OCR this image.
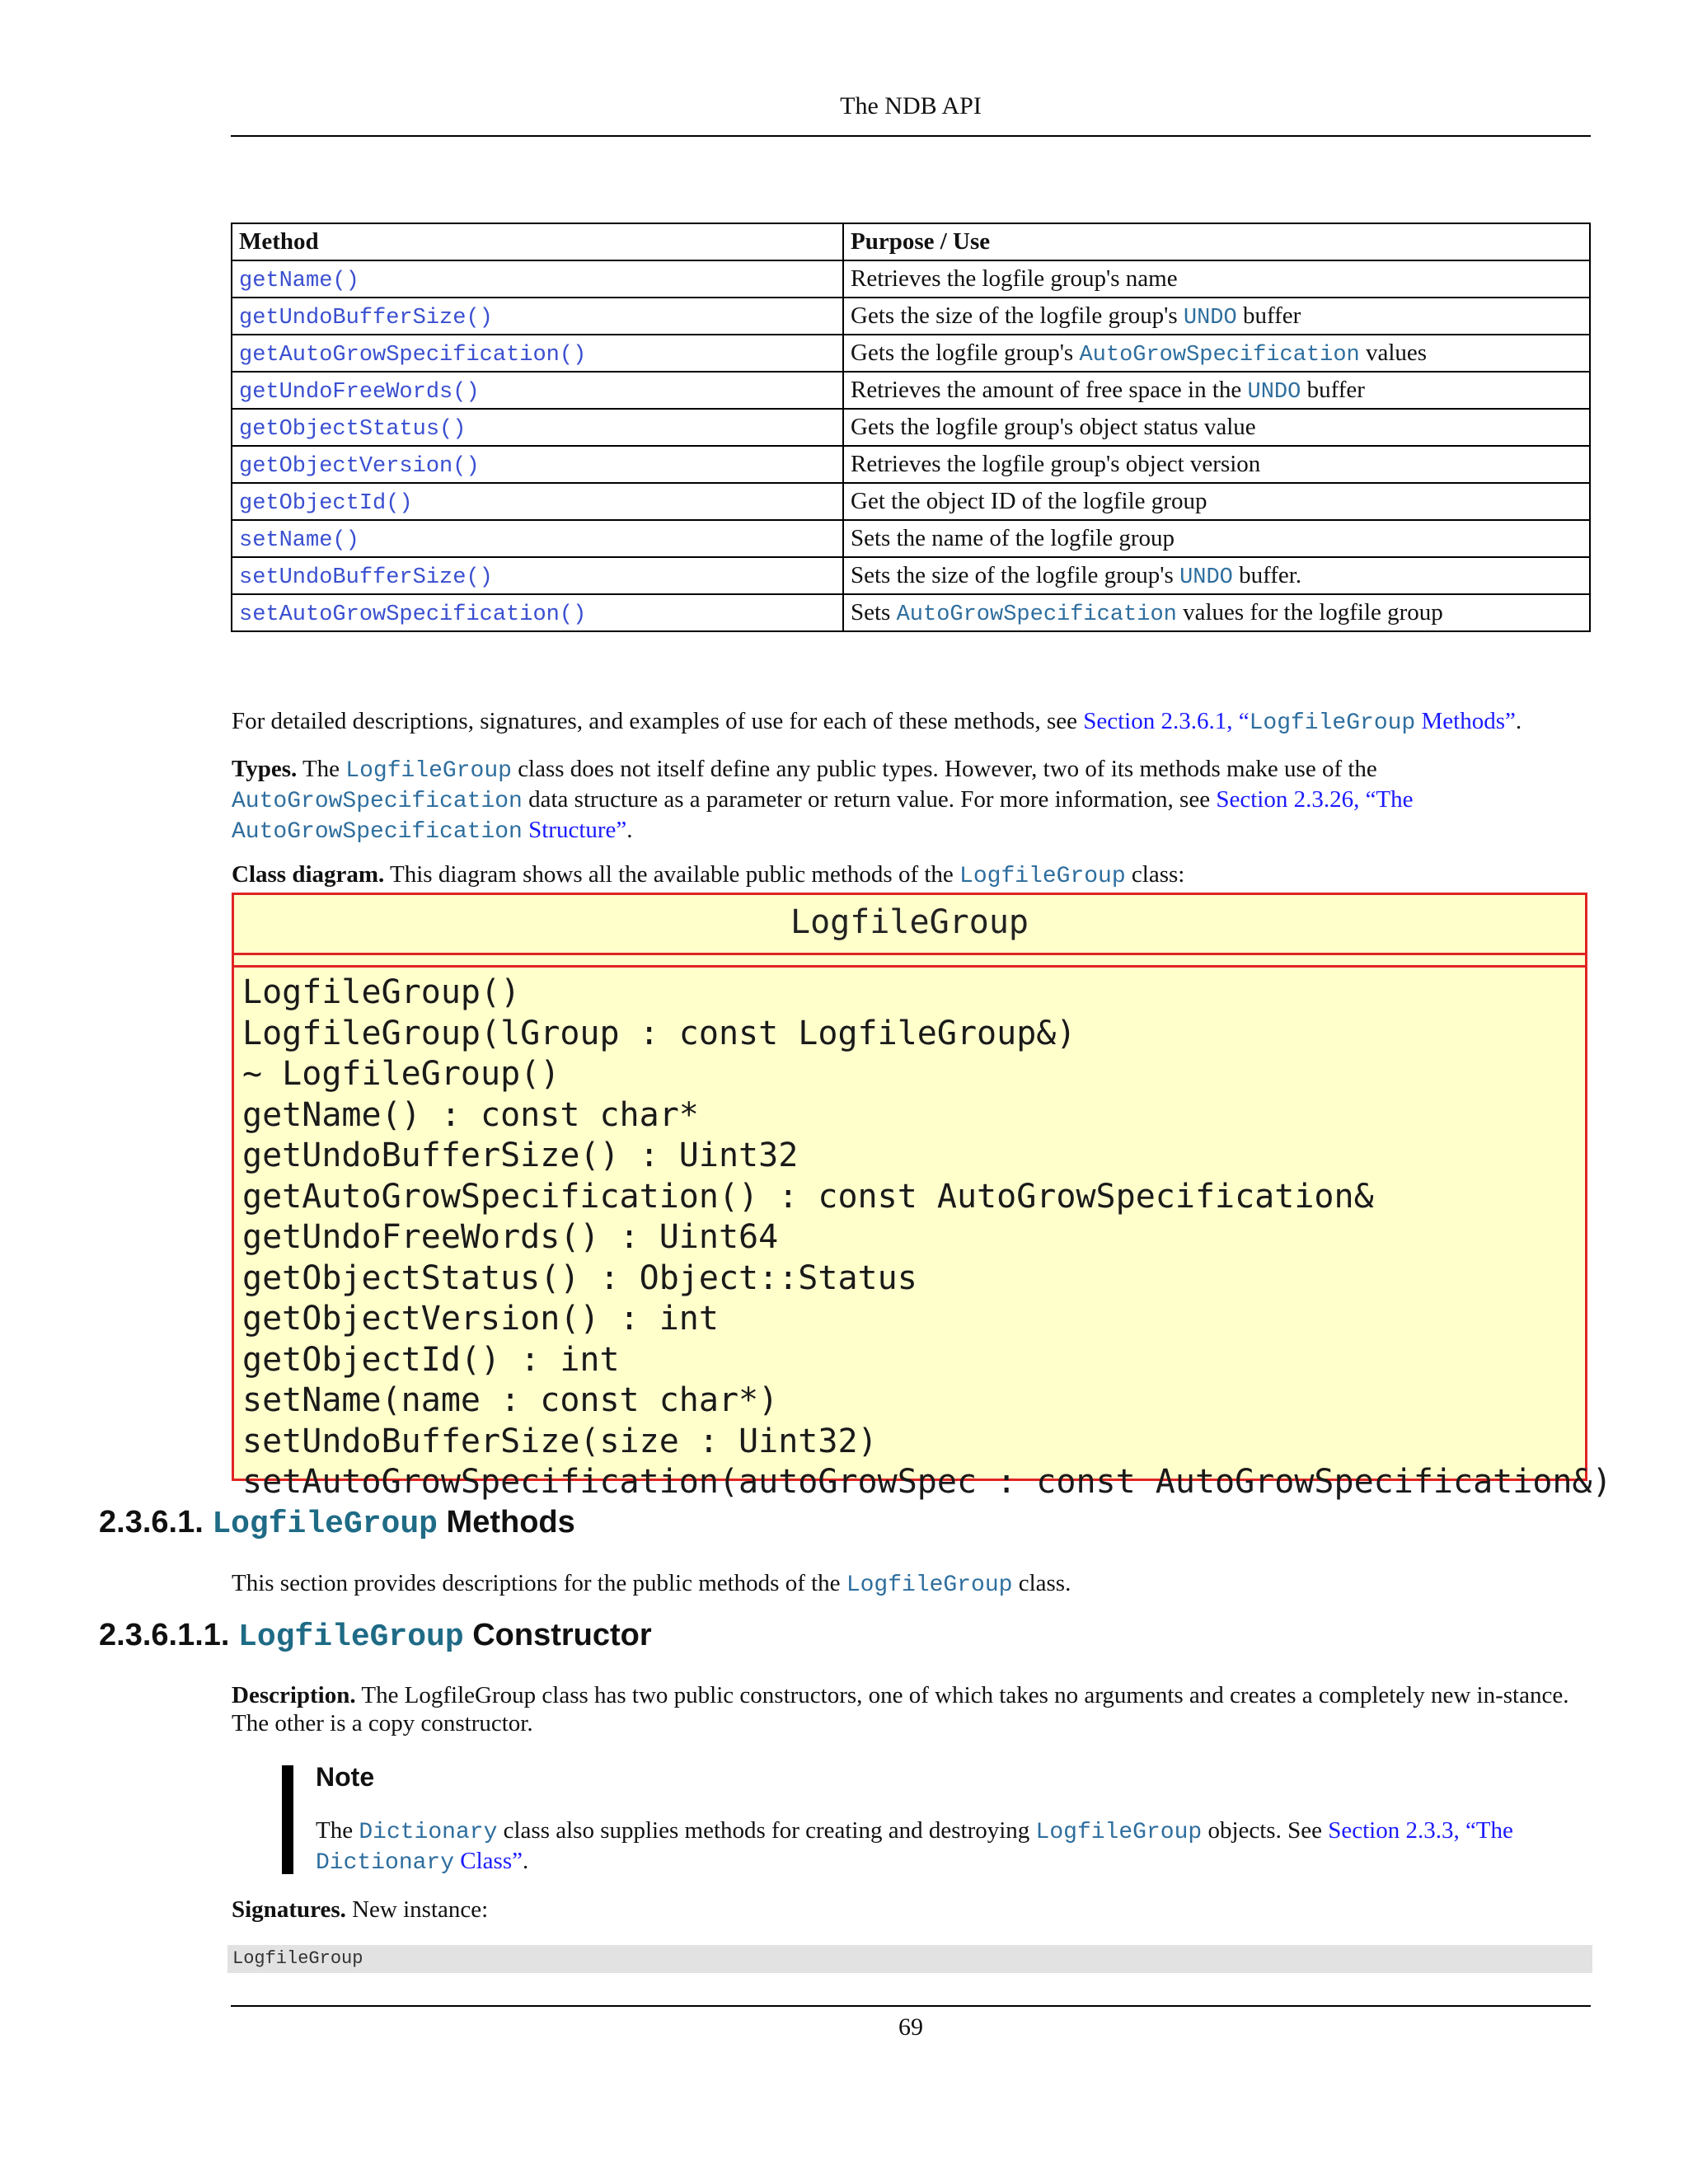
The NDB API
Method	Purpose / Use
getName()	Retrieves the logfile group's name
getUndoBufferSize()	Gets the size of the logfile group's UNDO buffer
getAutoGrowSpecification()	Gets the logfile group's AutoGrowSpecification values
getUndoFreeWords()	Retrieves the amount of free space in the UNDO buffer
getObjectStatus()	Gets the logfile group's object status value
getObjectVersion()	Retrieves the logfile group's object version
getObjectId()	Get the object ID of the logfile group
setName()	Sets the name of the logfile group
setUndoBufferSize()	Sets the size of the logfile group's UNDO buffer.
setAutoGrowSpecification()	Sets AutoGrowSpecification values for the logfile group
For detailed descriptions, signatures, and examples of use for each of these methods, see Section 2.3.6.1, “LogfileGroup Methods”.
Types. The LogfileGroup class does not itself define any public types. However, two of its methods make use of the AutoGrowSpecification data structure as a parameter or return value. For more information, see Section 2.3.26, “The AutoGrowSpecification Structure”.
Class diagram. This diagram shows all the available public methods of the LogfileGroup class:
LogfileGroup
LogfileGroup()
LogfileGroup(lGroup : const LogfileGroup&)
~ LogfileGroup()
getName() : const char*
getUndoBufferSize() : Uint32
getAutoGrowSpecification() : const AutoGrowSpecification&
getUndoFreeWords() : Uint64
getObjectStatus() : Object::Status
getObjectVersion() : int
getObjectId() : int
setName(name : const char*)
setUndoBufferSize(size : Uint32)
setAutoGrowSpecification(autoGrowSpec : const AutoGrowSpecification&)
2.3.6.1. LogfileGroup Methods
This section provides descriptions for the public methods of the LogfileGroup class.
2.3.6.1.1. LogfileGroup Constructor
Description. The LogfileGroup class has two public constructors, one of which takes no arguments and creates a completely new in-stance. The other is a copy constructor.
Note
The Dictionary class also supplies methods for creating and destroying LogfileGroup objects. See Section 2.3.3, “The Dictionary Class”.
Signatures. New instance:
LogfileGroup
69
